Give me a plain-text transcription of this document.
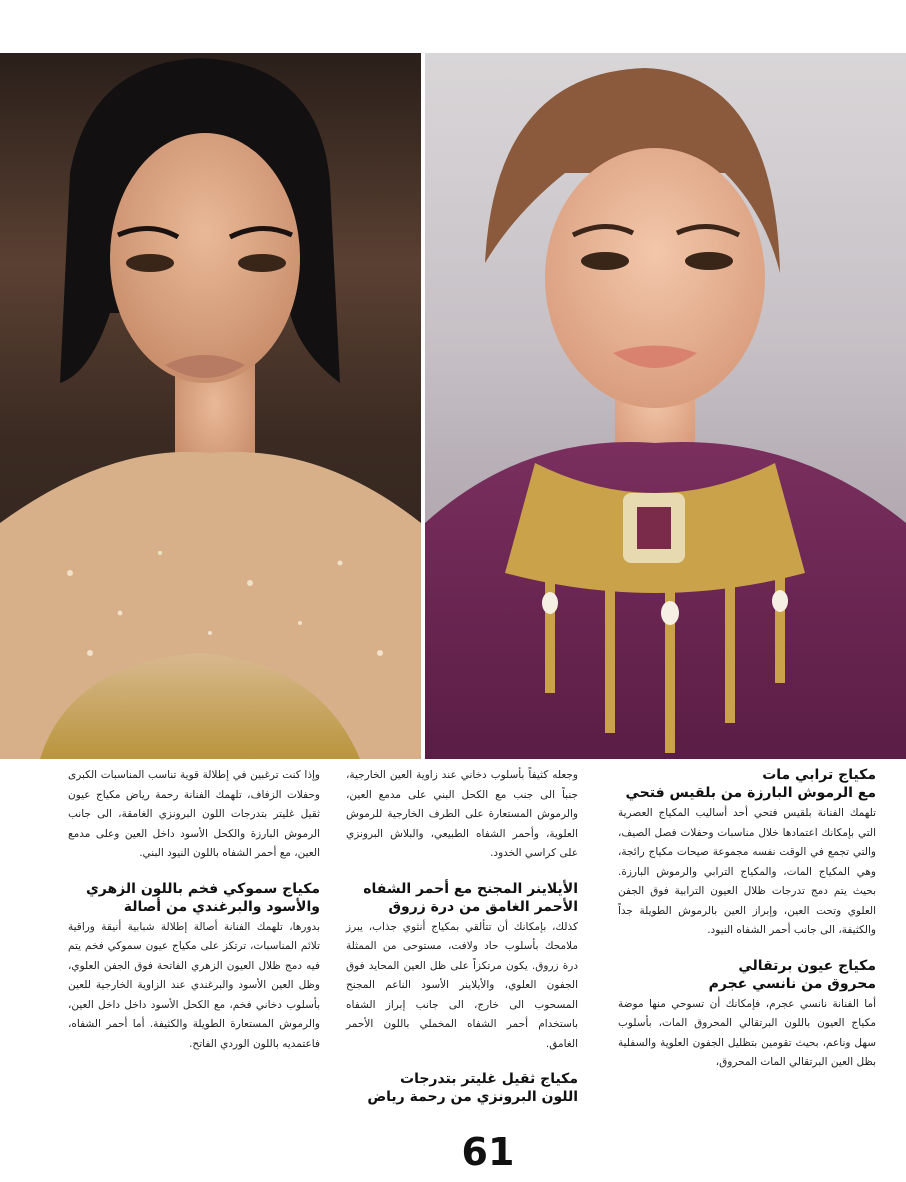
مكياج ترابي مات
مع الرموش البارزة من بلقيس فتحي

تلهمك الفنانة بلقيس فتحي أحد أساليب المكياج العصرية التي بإمكانك اعتمادها خلال مناسبات وحفلات فصل الصيف، والتي تجمع في الوقت نفسه مجموعة صيحات مكياج رائجة، وهي المكياج المات، والمكياج الترابي والرموش البارزة. بحيث يتم دمج تدرجات ظلال العيون الترابية فوق الجفن العلوي وتحت العين، وإبراز العين بالرموش الطويلة جداً والكثيفة، الى جانب أحمر الشفاه النيود.

مكياج عيون برتقالي
محروق من نانسي عجرم

أما الفنانة نانسي عجرم، فإمكانك أن تسوحي منها موضة مكياج العيون باللون البرتقالي المحروق المات، بأسلوب سهل وناعم، بحيث تقومين بتظليل الجفون العلوية والسفلية بظل العين البرتقالي المات المحروق،

وجعله كثيفاً بأسلوب دخاني عند زاوية العين الخارجية، جنباً الى جنب مع الكحل البني على مدمع العين، والرموش المستعارة على الطرف الخارجية للرموش العلوية، وأحمر الشفاه الطبيعي، والبلاش البرونزي على كراسي الخدود.

الأيلاينر المجنح مع أحمر الشفاه
الأحمر الغامق من درة زروق

كذلك، بإمكانك أن تتألقي بمكياج أنثوي جذاب، يبرز ملامحك بأسلوب حاد ولافت، مستوحى من الممثلة درة زروق. يكون مرتكزاً على ظل العين المحايد فوق الجفون العلوي، والأيلاينر الأسود الناعم المجنح المسحوب الى خارج، الى جانب إبراز الشفاه باستخدام أحمر الشفاه المخملي باللون الأحمر الغامق.

مكياج ثقيل غليتر بتدرجات
اللون البرونزي من رحمة رياض

وإذا كنت ترغبين في إطلالة قوية تناسب المناسبات الكبرى وحفلات الزفاف، تلهمك الفنانة رحمة رياض مكياج عيون ثقيل غليتر بتدرجات اللون البرونزي الغامقة، الى جانب الرموش البارزة والكحل الأسود داخل العين وعلى مدمع العين، مع أحمر الشفاه باللون النيود البني.

مكياج سموكي فخم باللون الزهري
والأسود والبرغندي من أصالة

بدورها، تلهمك الفنانة أصالة إطلالة شبابية أنيقة وراقية تلائم المناسبات، ترتكز على مكياج عيون سموكي فخم يتم فيه دمج ظلال العيون الزهري الفاتحة فوق الجفن العلوي، وظل العين الأسود والبرغندي عند الزاوية الخارجية للعين بأسلوب دخاني فخم، مع الكحل الأسود داخل داخل العين، والرموش المستعارة الطويلة والكثيفة. أما أحمر الشفاه، فاعتمديه باللون الوردي الفاتح.

61
